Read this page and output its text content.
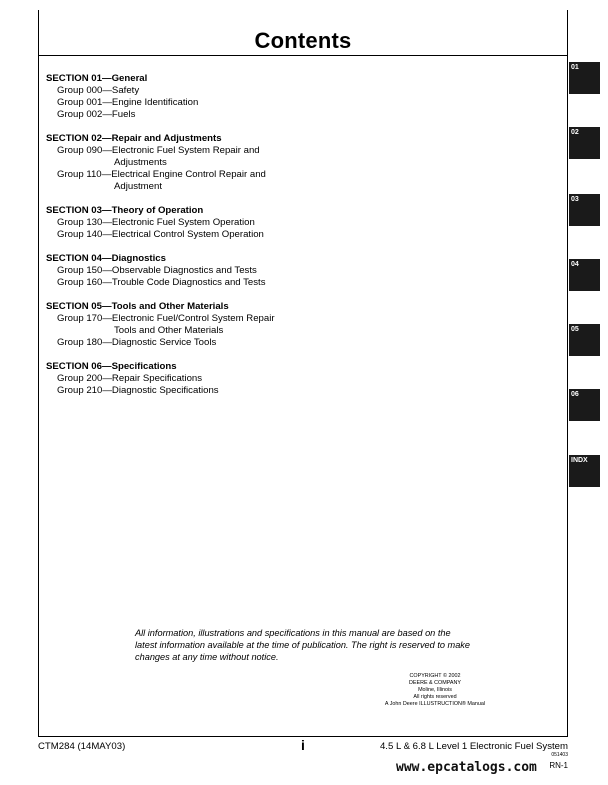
Contents
SECTION 01—General
Group 000—Safety
Group 001—Engine Identification
Group 002—Fuels
SECTION 02—Repair and Adjustments
Group 090—Electronic Fuel System Repair and
Adjustments
Group 110—Electrical Engine Control Repair and
Adjustment
SECTION 03—Theory of Operation
Group 130—Electronic Fuel System Operation
Group 140—Electrical Control System Operation
SECTION 04—Diagnostics
Group 150—Observable Diagnostics and Tests
Group 160—Trouble Code Diagnostics and Tests
SECTION 05—Tools and Other Materials
Group 170—Electronic Fuel/Control System Repair
Tools and Other Materials
Group 180—Diagnostic Service Tools
SECTION 06—Specifications
Group 200—Repair Specifications
Group 210—Diagnostic Specifications
01
02
03
04
05
06
INDX
All information, illustrations and specifications in this manual are based on the latest information available at the time of publication. The right is reserved to make changes at any time without notice.
COPYRIGHT © 2002
DEERE & COMPANY
Moline, Illinois
All rights reserved
A John Deere ILLUSTRUCTION® Manual
CTM284 (14MAY03)	i	4.5 L & 6.8 L Level 1 Electronic Fuel System
051403
www.epcatalogs.com RN-1
